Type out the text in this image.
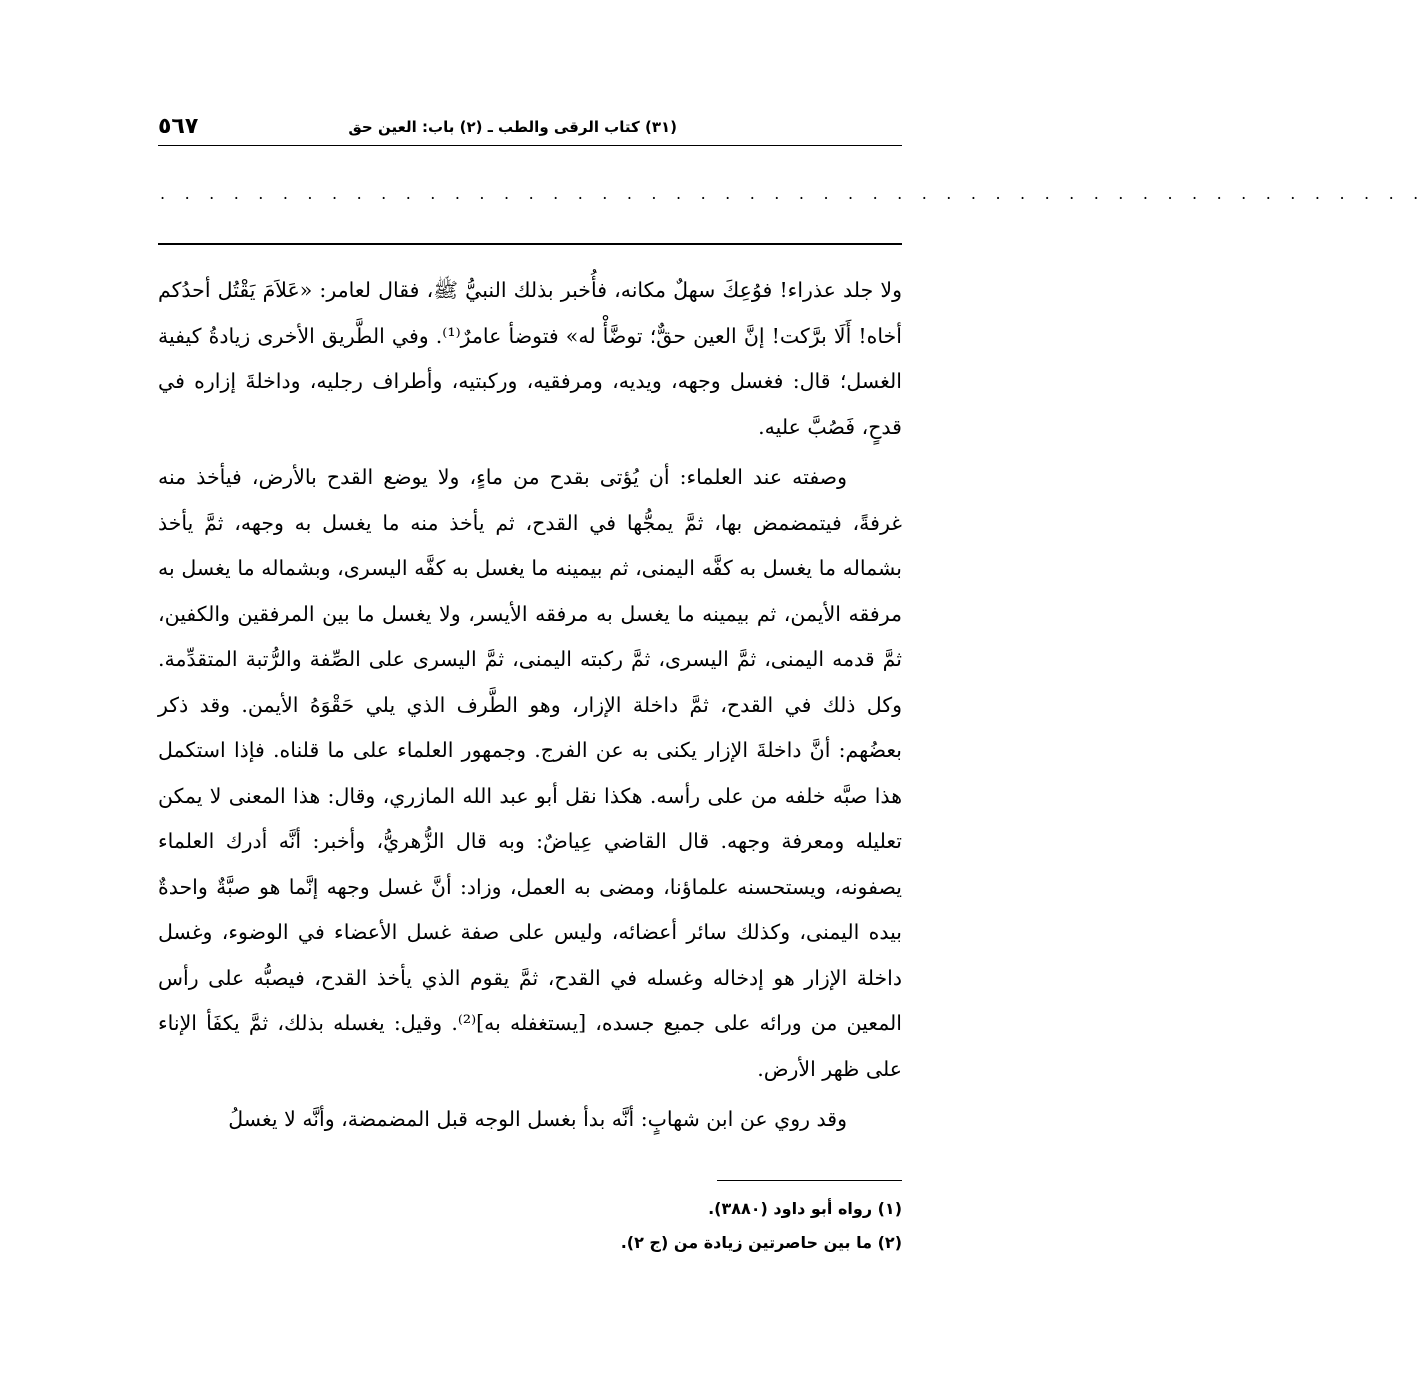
٥٦٧	(٣١) كتاب الرقى والطب ـ (٢) باب: العين حق
. . . . . . . . . . . . . . . . . . . . . . . . . . . . . . . . . . . . . . . . . . . . . . . . . . . .

ولا جلد عذراء! فوُعِكَ سهلٌ مكانه، فأُخبر بذلك النبيُّ ﷺ، فقال لعامر: «عَلاَمَ يَقْتُل أحدُكم أخاه! أَلَا برَّكت! إنَّ العين حقٌّ؛ توضَّأْ له» فتوضأ عامرٌ⁽¹⁾. وفي الطَّريق الأخرى زيادةُ كيفية الغسل؛ قال: فغسل وجهه، ويديه، ومرفقيه، وركبتيه، وأطراف رجليه، وداخلةَ إزاره في قدحٍ، فَصُبَّ عليه.

وصفته عند العلماء: أن يُؤتى بقدح من ماءٍ، ولا يوضع القدح بالأرض، فيأخذ منه غرفةً، فيتمضمض بها، ثمَّ يمجُّها في القدح، ثم يأخذ منه ما يغسل به وجهه، ثمَّ يأخذ بشماله ما يغسل به كفَّه اليمنى، ثم بيمينه ما يغسل به كفَّه اليسرى، وبشماله ما يغسل به مرفقه الأيمن، ثم بيمينه ما يغسل به مرفقه الأيسر، ولا يغسل ما بين المرفقين والكفين، ثمَّ قدمه اليمنى، ثمَّ اليسرى، ثمَّ ركبته اليمنى، ثمَّ اليسرى على الصِّفة والرُّتبة المتقدِّمة. وكل ذلك في القدح، ثمَّ داخلة الإزار، وهو الطَّرف الذي يلي حَقْوَهُ الأيمن. وقد ذكر بعضُهم: أنَّ داخلةَ الإزار يكنى به عن الفرج. وجمهور العلماء على ما قلناه. فإذا استكمل هذا صبَّه خلفه من على رأسه. هكذا نقل أبو عبد الله المازري، وقال: هذا المعنى لا يمكن تعليله ومعرفة وجهه. قال القاضي عِياضٌ: وبه قال الزُّهريُّ، وأخبر: أنَّه أدرك العلماء يصفونه، ويستحسنه علماؤنا، ومضى به العمل، وزاد: أنَّ غسل وجهه إنَّما هو صبَّةٌ واحدةٌ بيده اليمنى، وكذلك سائر أعضائه، وليس على صفة غسل الأعضاء في الوضوء، وغسل داخلة الإزار هو إدخاله وغسله في القدح، ثمَّ يقوم الذي يأخذ القدح، فيصبُّه على رأس المعين من ورائه على جميع جسده، [يستغفله به]⁽²⁾. وقيل: يغسله بذلك، ثمَّ يكفَأ الإناء على ظهر الأرض.

وقد روي عن ابن شهابٍ: أنَّه بدأ بغسل الوجه قبل المضمضة، وأنَّه لا يغسلُ

(١) رواه أبو داود (٣٨٨٠).

(٢) ما بين حاصرتين زيادة من (ج ٢).
